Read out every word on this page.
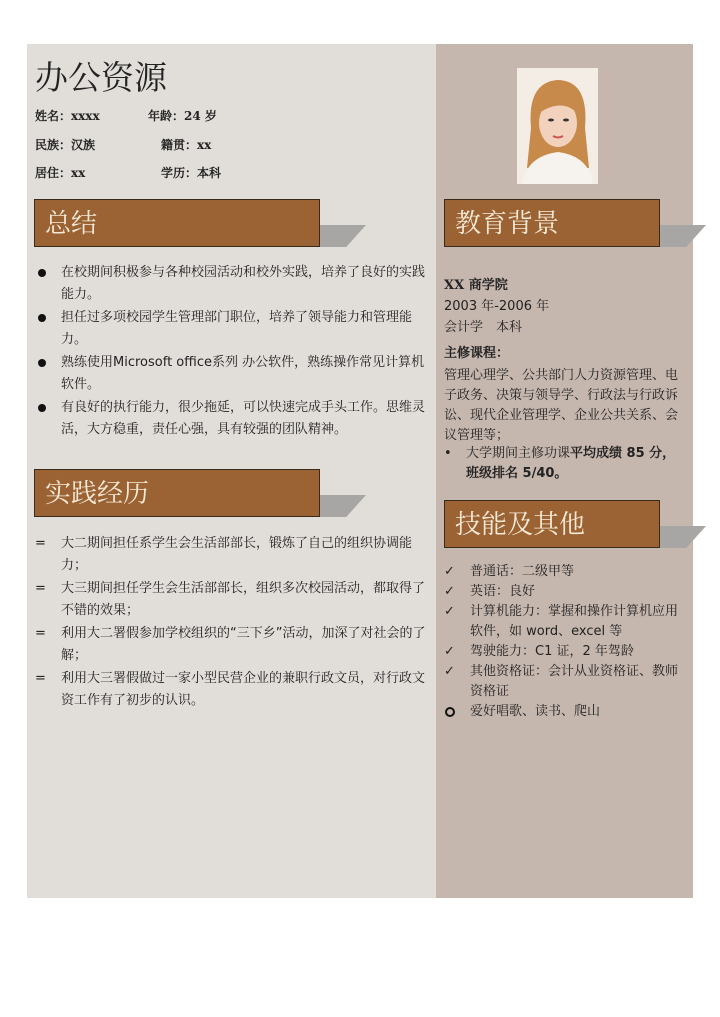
办公资源
姓名：xxxx	年龄：24 岁
民族：汉族	籍贯：xx
居住：xx	学历：本科
总结
在校期间积极参与各种校园活动和校外实践，培养了良好的实践能力。
担任过多项校园学生管理部门职位，培养了领导能力和管理能力。
熟练使用Microsoft office系列 办公软件，熟练操作常见计算机软件。
有良好的执行能力，很少拖延，可以快速完成手头工作。思维灵活，大方稳重，责任心强，具有较强的团队精神。
实践经历
= 大二期间担任系学生会生活部部长，锻炼了自己的组织协调能力；
= 大三期间担任学生会生活部部长，组织多次校园活动，都取得了不错的效果；
= 利用大二署假参加学校组织的“三下乡”活动，加深了对社会的了解；
= 利用大三署假做过一家小型民营企业的兼职行政文员，对行政文资工作有了初步的认识。
教育背景
XX 商学院
2003 年-2006 年
会计学　本科
主修课程：
管理心理学、公共部门人力资源管理、电子政务、决策与领导学、行政法与行政诉讼、现代企业管理学、企业公共关系、会议管理等；
• 大学期间主修功课平均成绩 85 分，班级排名 5/40。
技能及其他
✓ 普通话：二级甲等
✓ 英语：良好
✓ 计算机能力：掌握和操作计算机应用软件，如 word、excel 等
✓ 驾驶能力：C1 证，2 年驾龄
✓ 其他资格证：会计从业资格证、教师资格证
爱好唱歌、读书、爬山
